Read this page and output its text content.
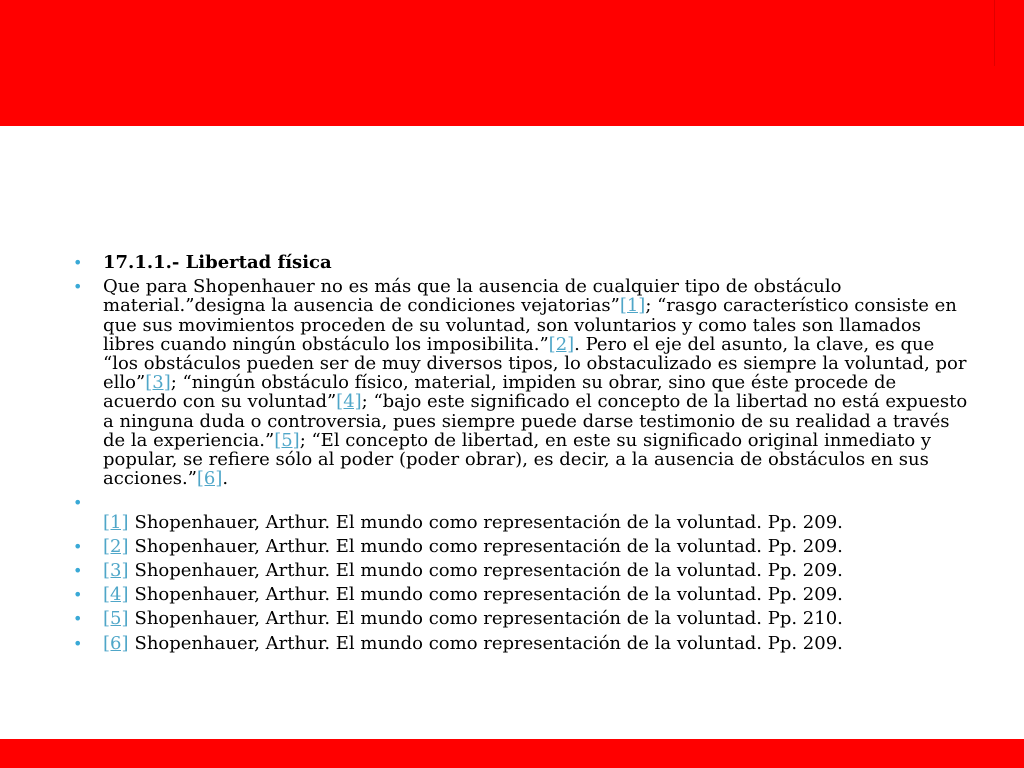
• 17.1.1.- Libertad física
• Que para Shopenhauer no es más que la ausencia de cualquier tipo de obstáculo material.”designa la ausencia de condiciones vejatorias”[1]; “rasgo característico consiste en que sus movimientos proceden de su voluntad, son voluntarios y como tales son llamados libres cuando ningún obstáculo los imposibilita.”[2]. Pero el eje del asunto, la clave, es que “los obstáculos pueden ser de muy diversos tipos, lo obstaculizado es siempre la voluntad, por ello”[3]; “ningún obstáculo físico, material, impiden su obrar, sino que éste procede de acuerdo con su voluntad”[4]; “bajo este significado el concepto de la libertad no está expuesto a ninguna duda o controversia, pues siempre puede darse testimonio de su realidad a través de la experiencia.”[5]; “El concepto de libertad, en este su significado original inmediato y popular, se refiere sólo al poder (poder obrar), es decir, a la ausencia de obstáculos en sus acciones.”[6].
• [1] Shopenhauer, Arthur. El mundo como representación de la voluntad. Pp. 209.
• [2] Shopenhauer, Arthur. El mundo como representación de la voluntad. Pp. 209.
• [3] Shopenhauer, Arthur. El mundo como representación de la voluntad. Pp. 209.
• [4] Shopenhauer, Arthur. El mundo como representación de la voluntad. Pp. 209.
• [5] Shopenhauer, Arthur. El mundo como representación de la voluntad. Pp. 210.
• [6] Shopenhauer, Arthur. El mundo como representación de la voluntad. Pp. 209.
